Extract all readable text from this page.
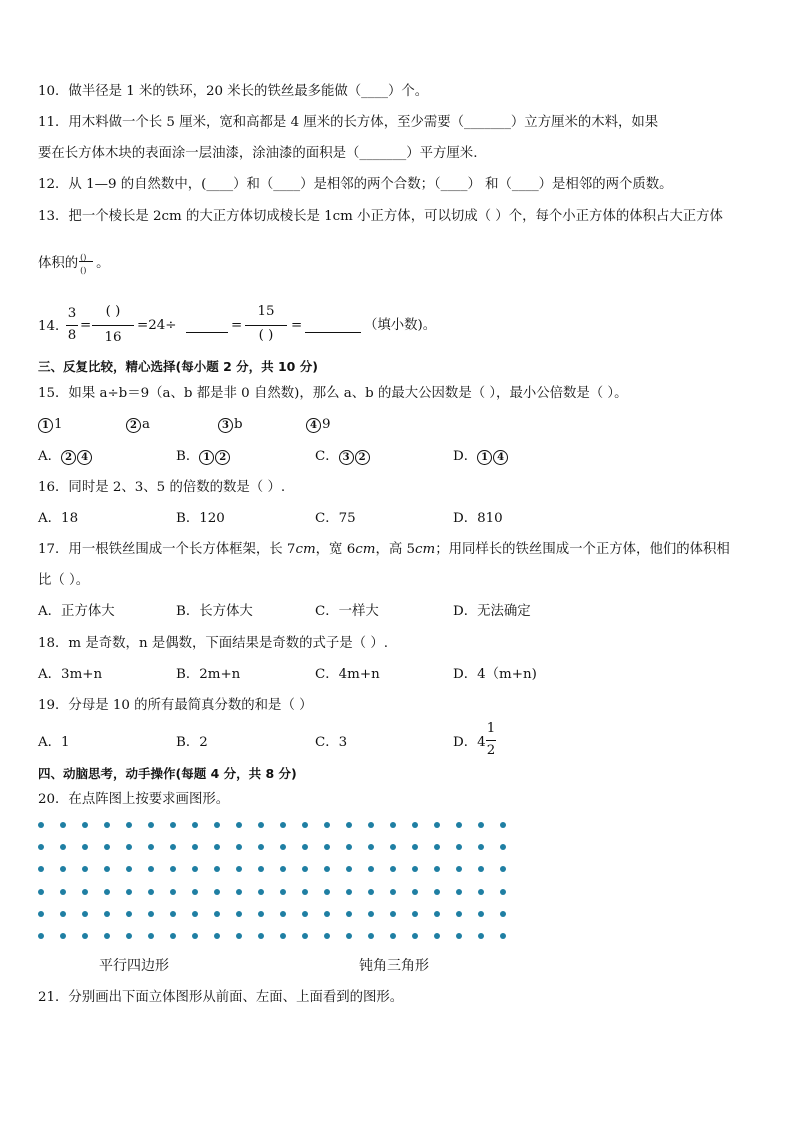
10．做半径是 1 米的铁环，20 米长的铁丝最多能做（____）个。
11．用木料做一个长 5 厘米，宽和高都是 4 厘米的长方体，至少需要（_______）立方厘米的木料，如果
要在长方体木块的表面涂一层油漆，涂油漆的面积是（_______）平方厘米.
12．从 1—9 的自然数中，(____）和（____）是相邻的两个合数；（____） 和（____）是相邻的两个质数。
13．把一个棱长是 2cm 的大正方体切成棱长是 1cm 小正方体，可以切成（ ）个，每个小正方体的体积占大正方体
体积的 ()
() 。
14．
3
8
=
( )
16
=24÷	=
15
( )
=	（填小数)。
三、反复比较，精心选择(每小题 2 分，共 10 分)
15．如果 a÷b＝9（a、b 都是非 0 自然数)，那么 a、b 的最大公因数是（ ），最小公倍数是（ ）。
1 1	2 a	3 b	4 9
A． 2 4	B． 1 2	C． 3 2	D． 1 4
16．同时是 2、3、5 的倍数的数是（ ）.
A．18	B．120	C．75	D．810
17．用一根铁丝围成一个长方体框架，长 7cm，宽 6cm，高 5cm；用同样长的铁丝围成一个正方体，他们的体积相
比（ ）。
A．正方体大	B．长方体大	C．一样大	D．无法确定
18．m 是奇数，n 是偶数，下面结果是奇数的式子是（ ）.
A．3m+n	B．2m+n	C．4m+n	D．4（m+n)
19．分母是 10 的所有最简真分数的和是（ ）
A．1	B．2	C．3	D．4
1
2
四、动脑思考，动手操作(每题 4 分，共 8 分)
20．在点阵图上按要求画图形。
平行四边形	钝角三角形
21．分别画出下面立体图形从前面、左面、上面看到的图形。
